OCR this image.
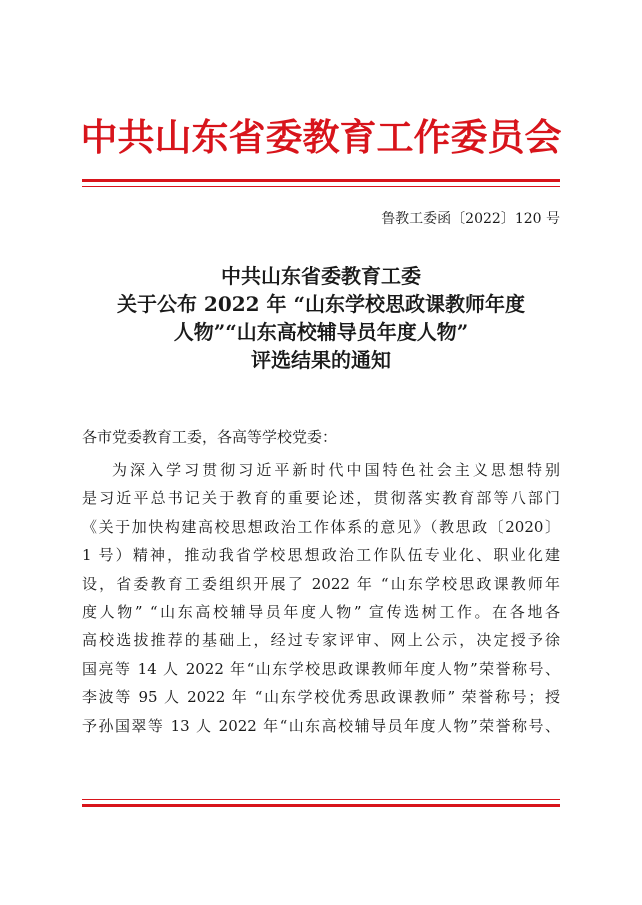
中共山东省委教育工作委员会
鲁教工委函〔2022〕120 号
中共山东省委教育工委
关于公布 2022 年 “山东学校思政课教师年度
人物”“山东高校辅导员年度人物”
评选结果的通知
各市党委教育工委，各高等学校党委：
为深入学习贯彻习近平新时代中国特色社会主义思想特别
是习近平总书记关于教育的重要论述，贯彻落实教育部等八部门
《关于加快构建高校思想政治工作体系的意见》（教思政〔2020〕
1 号）精神，推动我省学校思想政治工作队伍专业化、职业化建
设，省委教育工委组织开展了 2022 年 “山东学校思政课教师年
度人物” “山东高校辅导员年度人物” 宣传选树工作。在各地各
高校选拔推荐的基础上，经过专家评审、网上公示，决定授予徐
国亮等 14 人 2022 年“山东学校思政课教师年度人物”荣誉称号、
李波等 95 人 2022 年 “山东学校优秀思政课教师” 荣誉称号；授
予孙国翠等 13 人 2022 年“山东高校辅导员年度人物”荣誉称号、
